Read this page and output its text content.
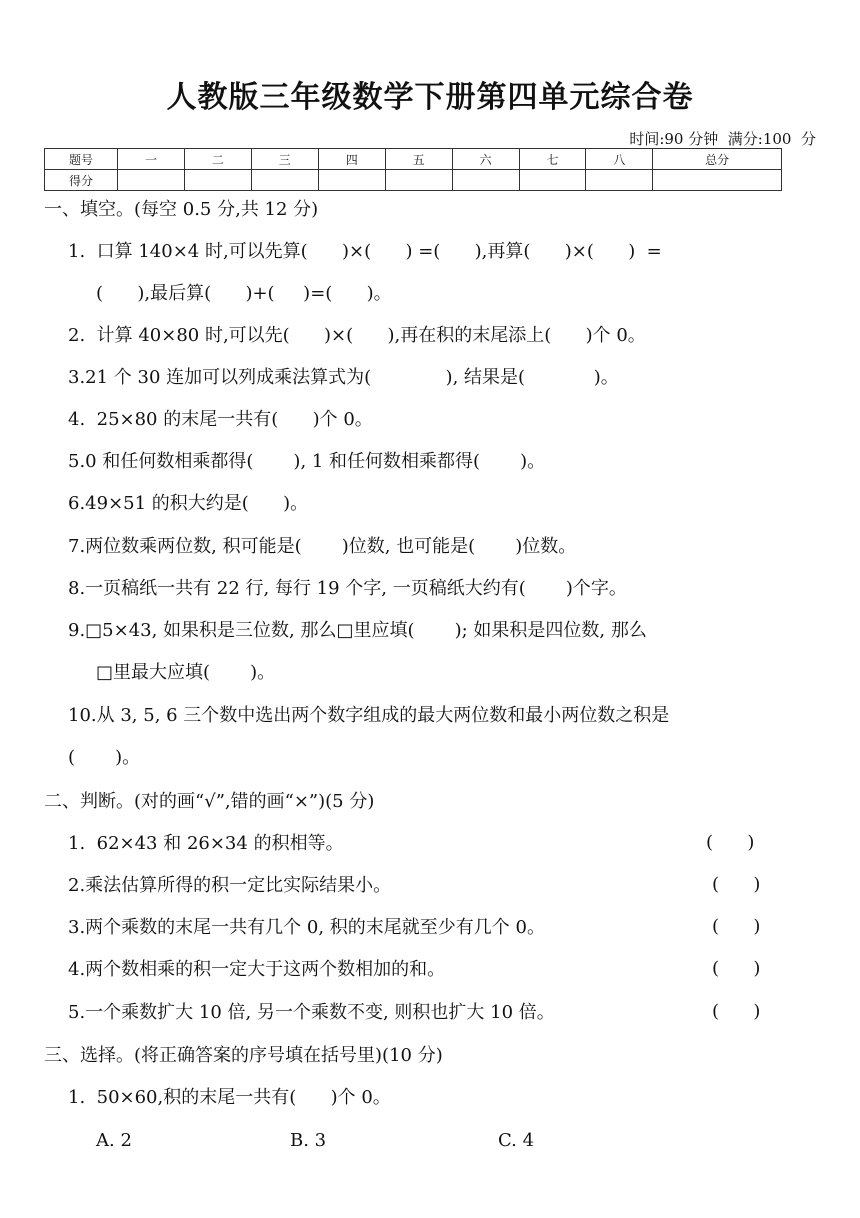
人教版三年级数学下册第四单元综合卷
时间:90 分钟  满分:100  分
题号	一	二	三	四	五	六	七	八	总分
得分									
一、填空。(每空 0.5 分,共 12 分)
1.  口算 140×4 时,可以先算(      )×(      ) =(      ),再算(      )×(      )  =
(      ),最后算(      )+(     )=(      )。
2.  计算 40×80 时,可以先(      )×(      ),再在积的末尾添上(      )个 0。
3.21 个 30 连加可以列成乘法算式为(             ), 结果是(            )。
4.  25×80 的末尾一共有(      )个 0。
5.0 和任何数相乘都得(       ), 1 和任何数相乘都得(       )。
6.49×51 的积大约是(      )。
7.两位数乘两位数, 积可能是(       )位数, 也可能是(       )位数。
8.一页稿纸一共有 22 行, 每行 19 个字, 一页稿纸大约有(       )个字。
9.□5×43, 如果积是三位数, 那么□里应填(       ); 如果积是四位数, 那么
□里最大应填(       )。
10.从 3, 5, 6 三个数中选出两个数字组成的最大两位数和最小两位数之积是
(       )。
二、判断。(对的画“√”,错的画“×”)(5 分)
1.  62×43 和 26×34 的积相等。	(      )
2.乘法估算所得的积一定比实际结果小。	(      )
3.两个乘数的末尾一共有几个 0, 积的末尾就至少有几个 0。	(      )
4.两个数相乘的积一定大于这两个数相加的和。	(      )
5.一个乘数扩大 10 倍, 另一个乘数不变, 则积也扩大 10 倍。	(      )
三、选择。(将正确答案的序号填在括号里)(10 分)
1.  50×60,积的末尾一共有(      )个 0。
A. 2	B. 3	C. 4
